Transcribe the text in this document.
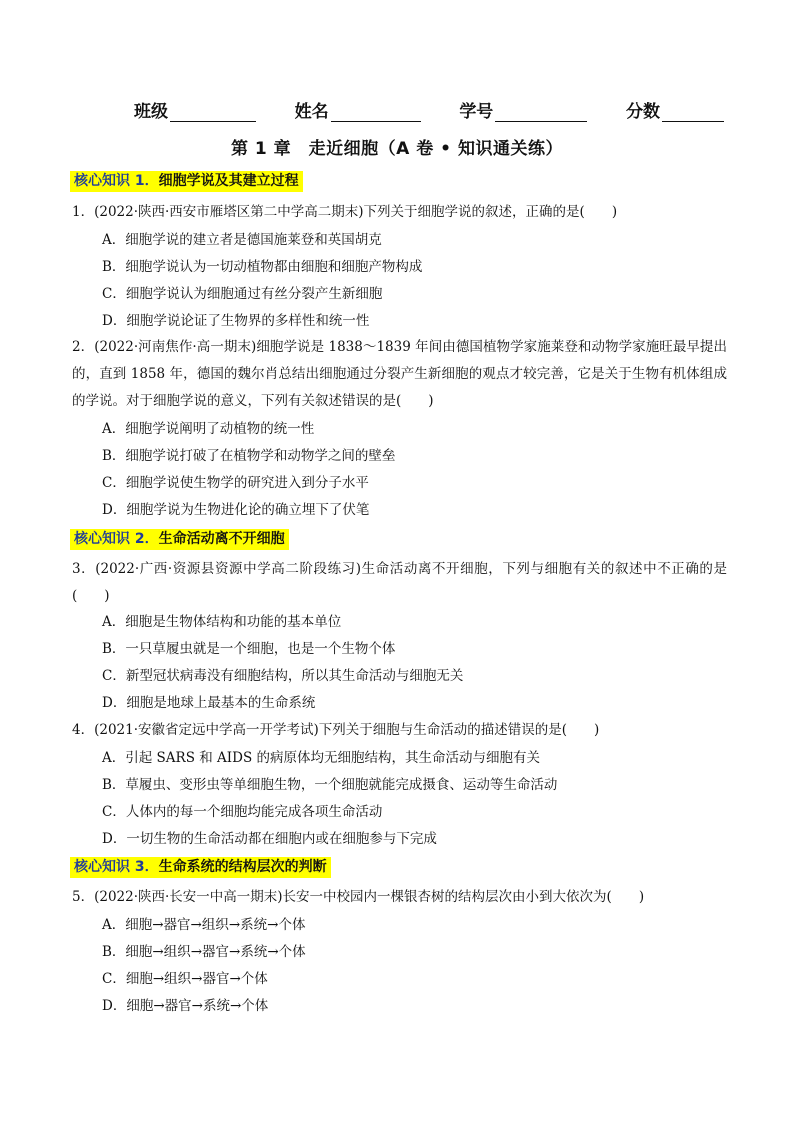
班级	姓名	学号	分数
第 1 章　走近细胞（A 卷 • 知识通关练）
核心知识 1．细胞学说及其建立过程
1．(2022·陕西·西安市雁塔区第二中学高二期末)下列关于细胞学说的叙述，正确的是(　　)
A．细胞学说的建立者是德国施莱登和英国胡克
B．细胞学说认为一切动植物都由细胞和细胞产物构成
C．细胞学说认为细胞通过有丝分裂产生新细胞
D．细胞学说论证了生物界的多样性和统一性
2．(2022·河南焦作·高一期末)细胞学说是 1838～1839 年间由德国植物学家施莱登和动物学家施旺最早提出的，直到 1858 年，德国的魏尔肖总结出细胞通过分裂产生新细胞的观点才较完善，它是关于生物有机体组成的学说。对于细胞学说的意义，下列有关叙述错误的是(　　)
A．细胞学说阐明了动植物的统一性
B．细胞学说打破了在植物学和动物学之间的壁垒
C．细胞学说使生物学的研究进入到分子水平
D．细胞学说为生物进化论的确立埋下了伏笔
核心知识 2．生命活动离不开细胞
3．(2022·广西·资源县资源中学高二阶段练习)生命活动离不开细胞，下列与细胞有关的叙述中不正确的是(　　)
A．细胞是生物体结构和功能的基本单位
B．一只草履虫就是一个细胞，也是一个生物个体
C．新型冠状病毒没有细胞结构，所以其生命活动与细胞无关
D．细胞是地球上最基本的生命系统
4．(2021·安徽省定远中学高一开学考试)下列关于细胞与生命活动的描述错误的是(　　)
A．引起 SARS 和 AIDS 的病原体均无细胞结构，其生命活动与细胞有关
B．草履虫、变形虫等单细胞生物，一个细胞就能完成摄食、运动等生命活动
C．人体内的每一个细胞均能完成各项生命活动
D．一切生物的生命活动都在细胞内或在细胞参与下完成
核心知识 3．生命系统的结构层次的判断
5．(2022·陕西·长安一中高一期末)长安一中校园内一棵银杏树的结构层次由小到大依次为(　　)
A．细胞→器官→组织→系统→个体
B．细胞→组织→器官→系统→个体
C．细胞→组织→器官→个体
D．细胞→器官→系统→个体
